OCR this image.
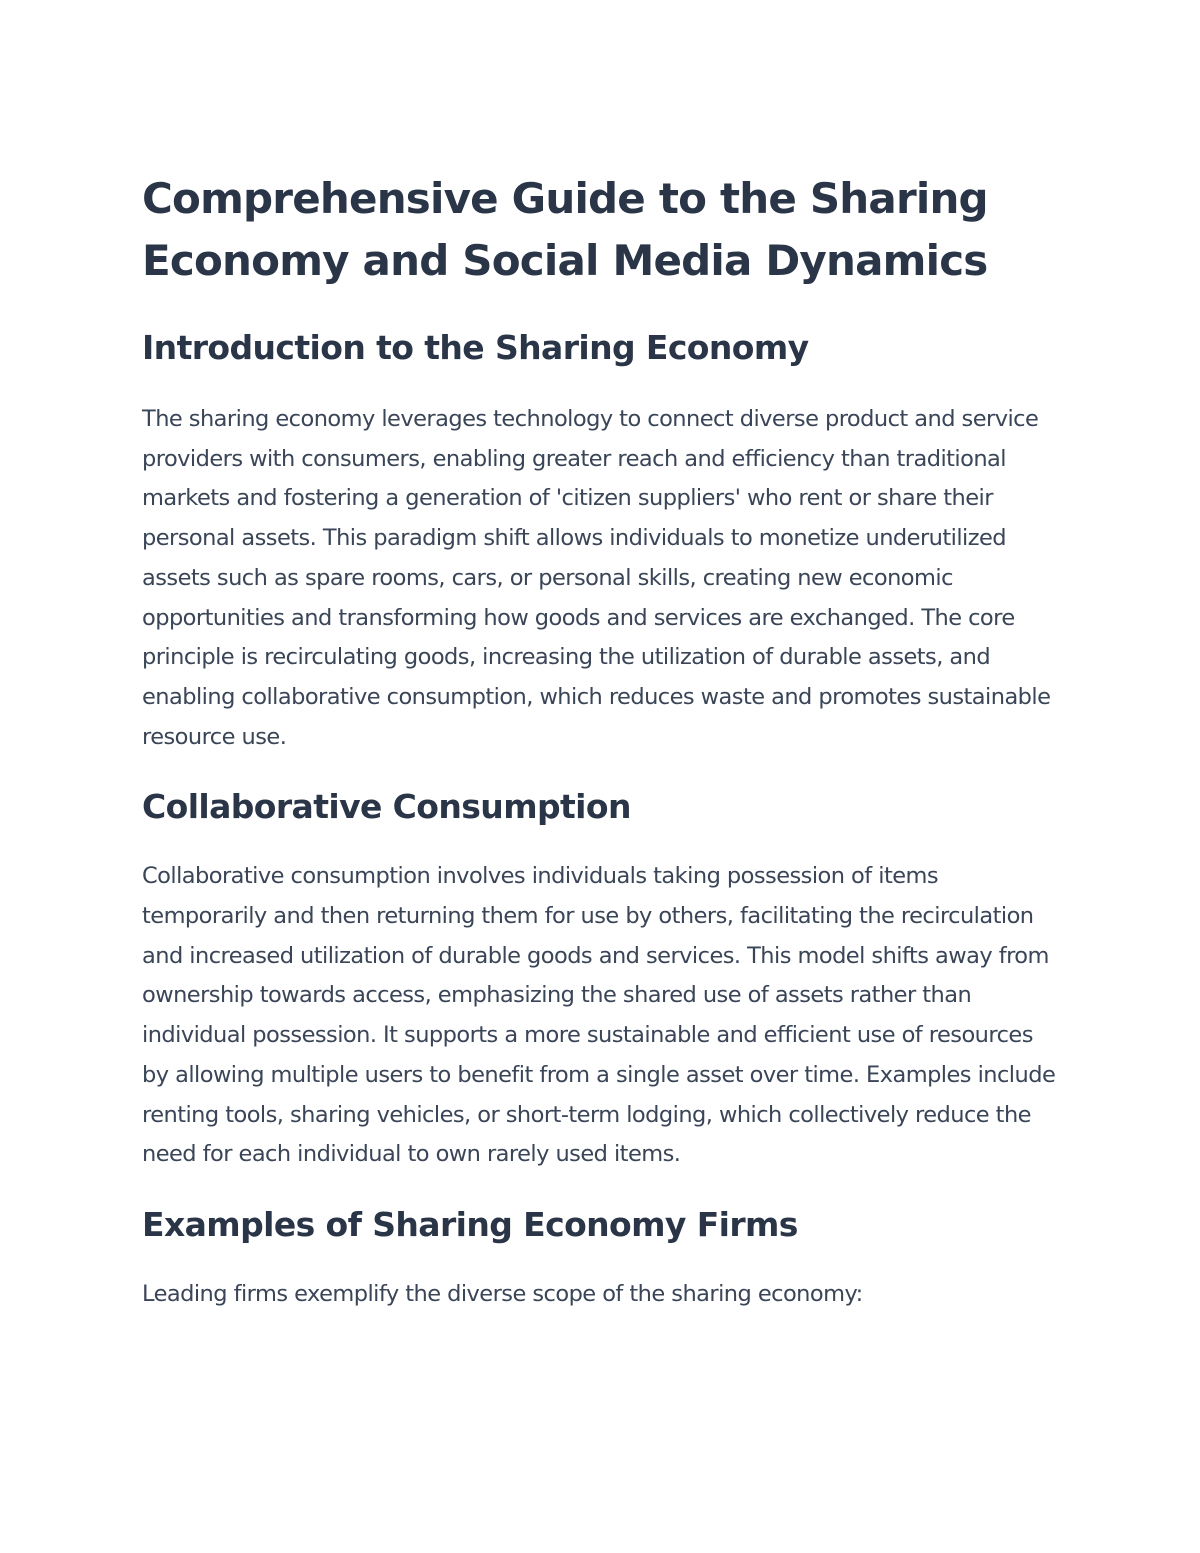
Comprehensive Guide to the Sharing Economy and Social Media Dynamics
Introduction to the Sharing Economy

The sharing economy leverages technology to connect diverse product and service providers with consumers, enabling greater reach and efficiency than traditional markets and fostering a generation of 'citizen suppliers' who rent or share their personal assets. This paradigm shift allows individuals to monetize underutilized assets such as spare rooms, cars, or personal skills, creating new economic opportunities and transforming how goods and services are exchanged. The core principle is recirculating goods, increasing the utilization of durable assets, and enabling collaborative consumption, which reduces waste and promotes sustainable resource use.

Collaborative Consumption

Collaborative consumption involves individuals taking possession of items temporarily and then returning them for use by others, facilitating the recirculation and increased utilization of durable goods and services. This model shifts away from ownership towards access, emphasizing the shared use of assets rather than individual possession. It supports a more sustainable and efficient use of resources by allowing multiple users to benefit from a single asset over time. Examples include renting tools, sharing vehicles, or short-term lodging, which collectively reduce the need for each individual to own rarely used items.

Examples of Sharing Economy Firms

Leading firms exemplify the diverse scope of the sharing economy:
